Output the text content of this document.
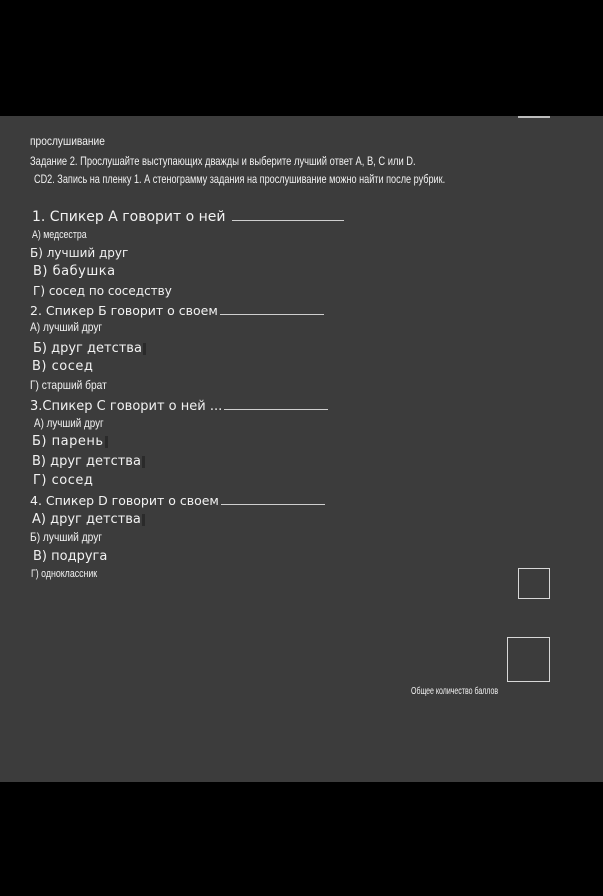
прослушивание
Задание 2. Прослушайте выступающих дважды и выберите лучший ответ A, B, C или D.
CD2. Запись на пленку 1. А стенограмму задания на прослушивание можно найти после рубрик.
1. Спикер А говорит о ней
А) медсестра
Б) лучший друг
В) бабушка
Г) сосед по соседству
2. Спикер Б говорит о своем
А) лучший друг
Б) друг детства
В) сосед
Г) старший брат
3.Спикер С говорит о ней ...
А) лучший друг
Б) парень
В) друг детства
Г) сосед
4. Спикер D говорит о своем
А) друг детства
Б) лучший друг
В) подруга
Г) одноклассник
Общее количество баллов
